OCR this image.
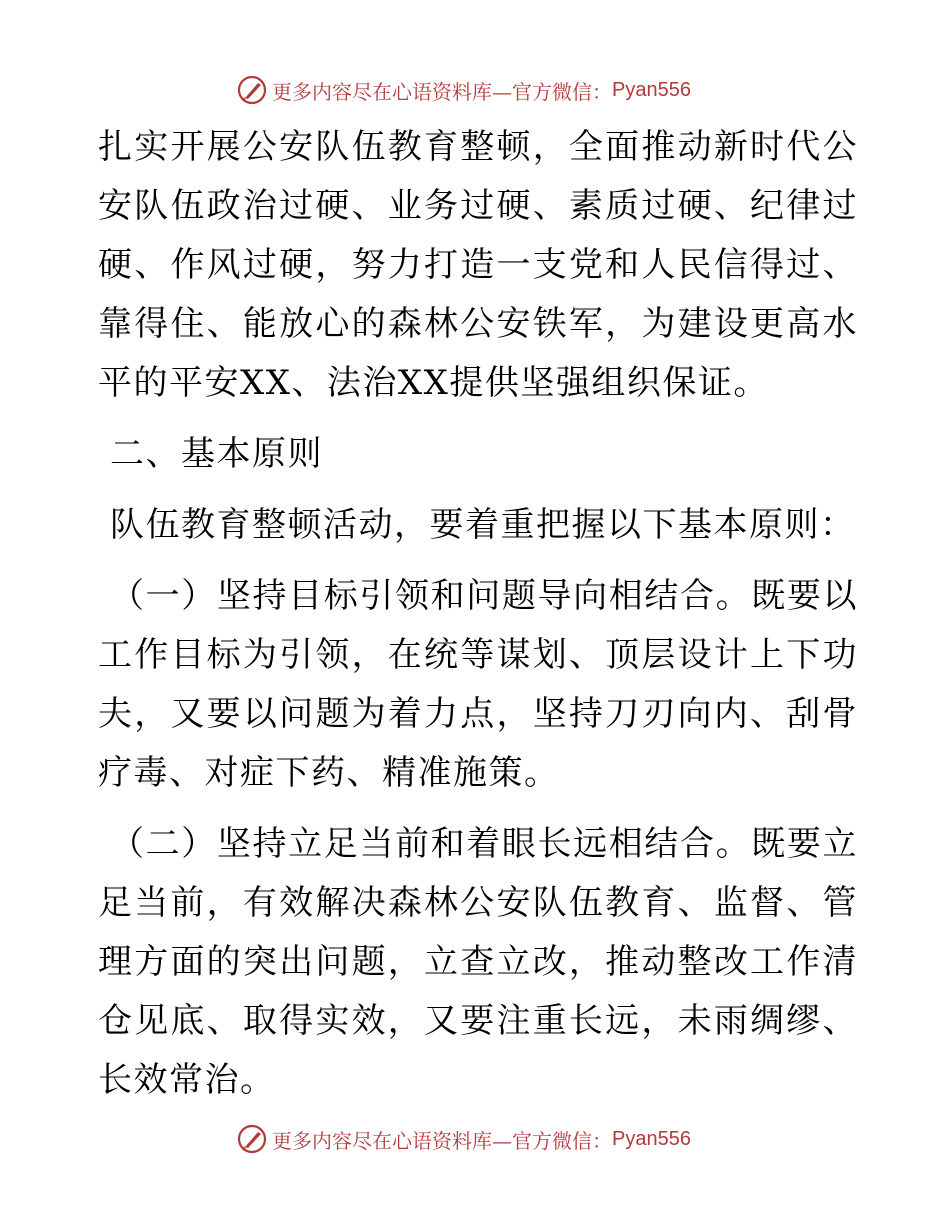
更多内容尽在心语资料库—官方微信： Pyan556

扎实开展公安队伍教育整顿，全面推动新时代公安队伍政治过硬、业务过硬、素质过硬、纪律过硬、作风过硬，努力打造一支党和人民信得过、靠得住、能放心的森林公安铁军，为建设更高水平的平安XX、法治XX提供坚强组织保证。

二、基本原则

队伍教育整顿活动，要着重把握以下基本原则：

（一）坚持目标引领和问题导向相结合。既要以工作目标为引领，在统等谋划、顶层设计上下功夫，又要以问题为着力点，坚持刀刃向内、刮骨疗毒、对症下药、精准施策。

（二）坚持立足当前和着眼长远相结合。既要立足当前，有效解决森林公安队伍教育、监督、管理方面的突出问题，立查立改，推动整改工作清仓见底、取得实效，又要注重长远，未雨绸缪、长效常治。

更多内容尽在心语资料库—官方微信： Pyan556
